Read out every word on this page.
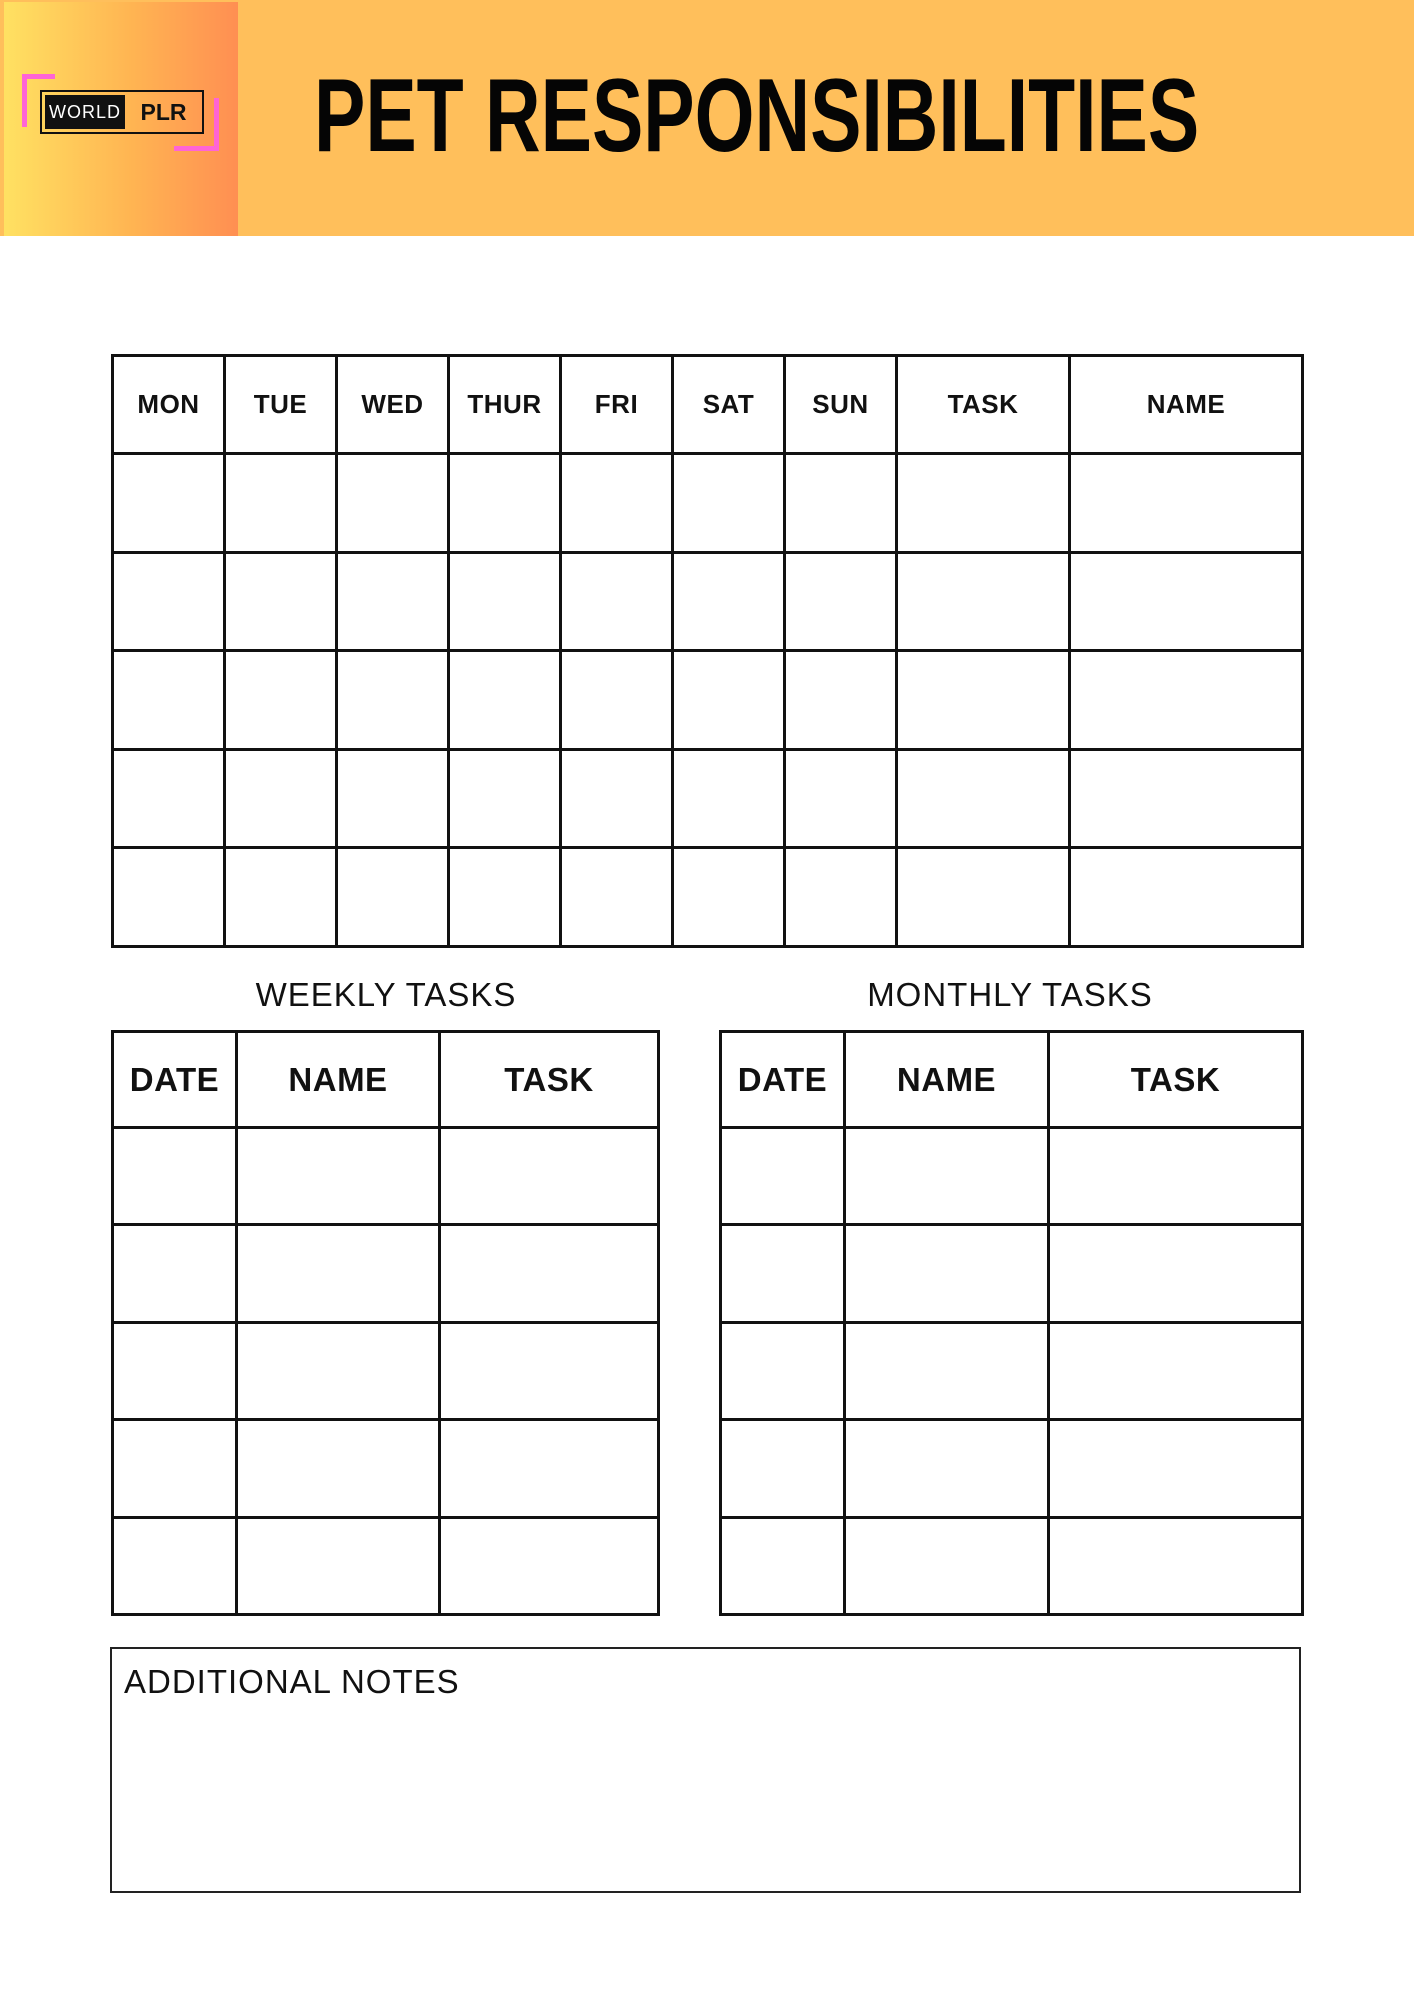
WORLD PLR PET RESPONSIBILITIES
MON	TUE	WED	THUR	FRI	SAT	SUN	TASK	NAME

WEEKLY TASKS	MONTHLY TASKS
DATE	NAME	TASK

			DATE	NAME	TASK

ADDITIONAL NOTES
